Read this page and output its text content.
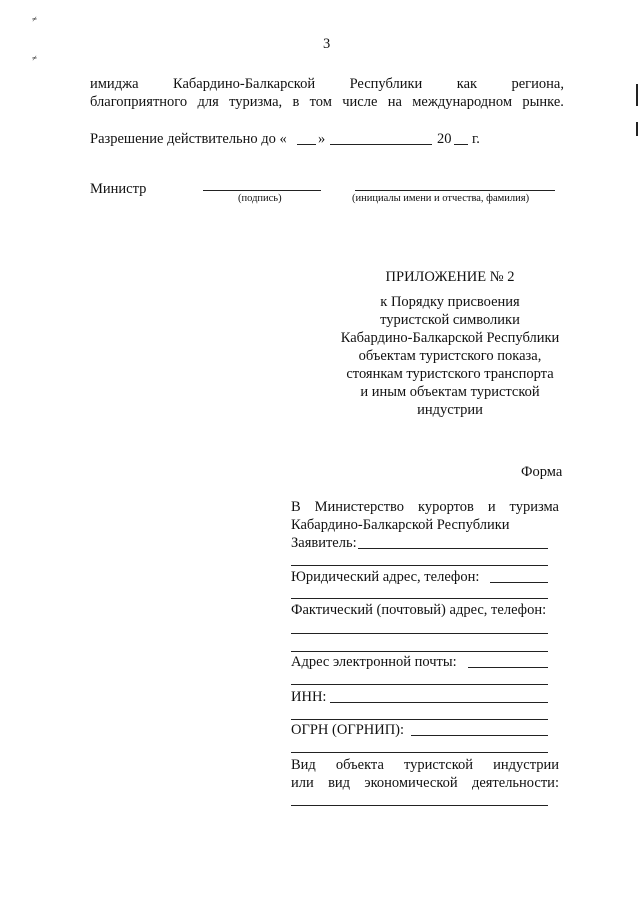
≠
≠
3
имиджа Кабардино-Балкарской Республики как региона,
благоприятного для туризма, в том числе на международном рынке.
Разрешение действительно до « »	20 г.
Министр
(подпись)	(инициалы имени и отчества, фамилия)
ПРИЛОЖЕНИЕ № 2
к Порядку присвоения
туристской символики
Кабардино-Балкарской Республики
объектам туристского показа,
стоянкам туристского транспорта
и иным объектам туристской
индустрии
Форма
В Министерство курортов и туризма
Кабардино-Балкарской Республики
Заявитель:
Юридический адрес, телефон:
Фактический (почтовый) адрес, телефон:
Адрес электронной почты:
ИНН:
ОГРН (ОГРНИП):
Вид объекта туристской индустрии
или вид экономической деятельности:
